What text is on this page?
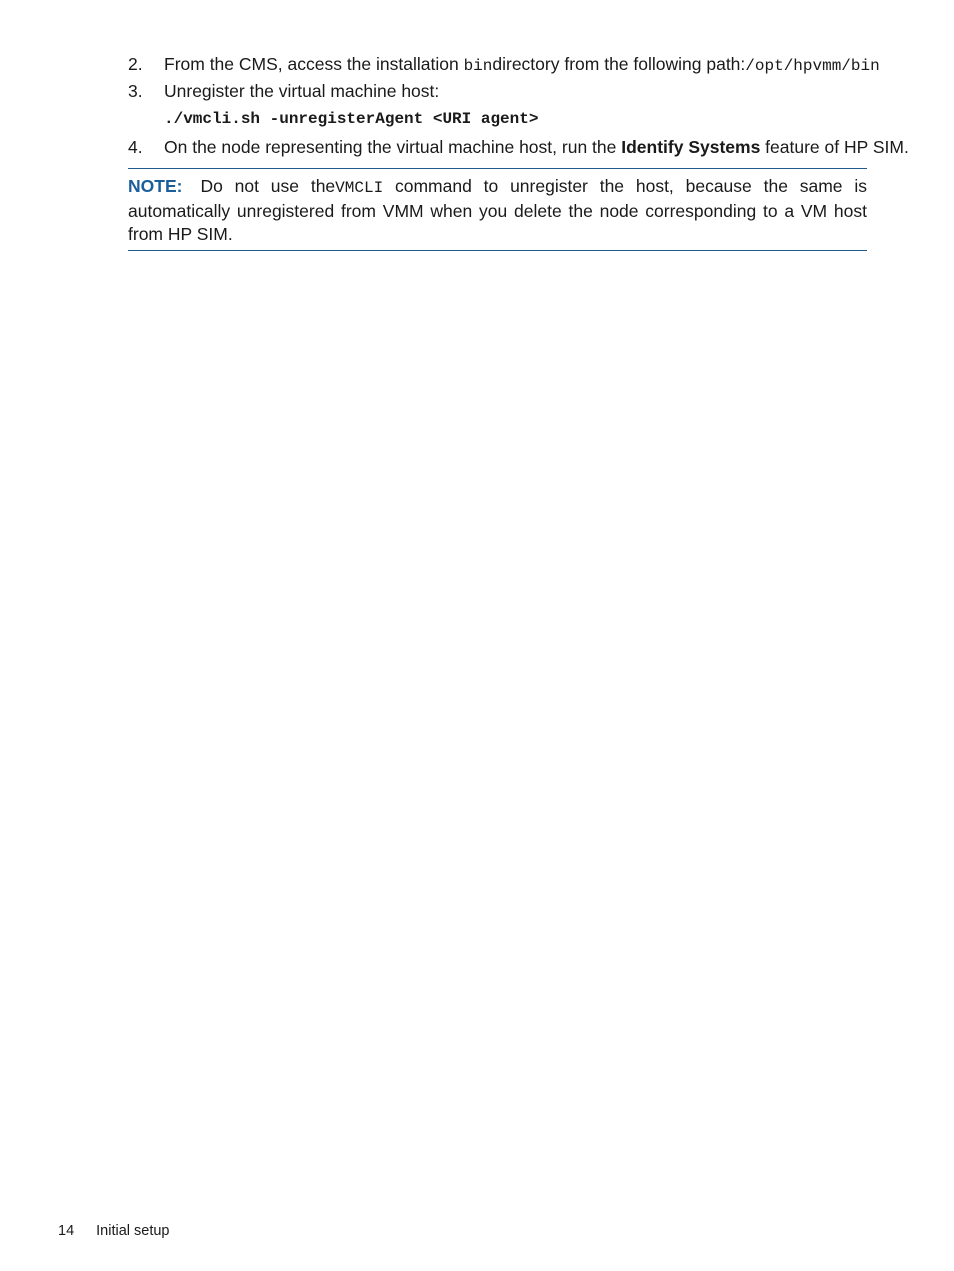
2. From the CMS, access the installation bindirectory from the following path:/opt/hpvmm/bin
3. Unregister the virtual machine host:
./vmcli.sh -unregisterAgent <URI agent>
4. On the node representing the virtual machine host, run the Identify Systems feature of HP SIM.
NOTE: Do not use theVMCLI command to unregister the host, because the same is automatically unregistered from VMM when you delete the node corresponding to a VM host from HP SIM.
14 Initial setup
